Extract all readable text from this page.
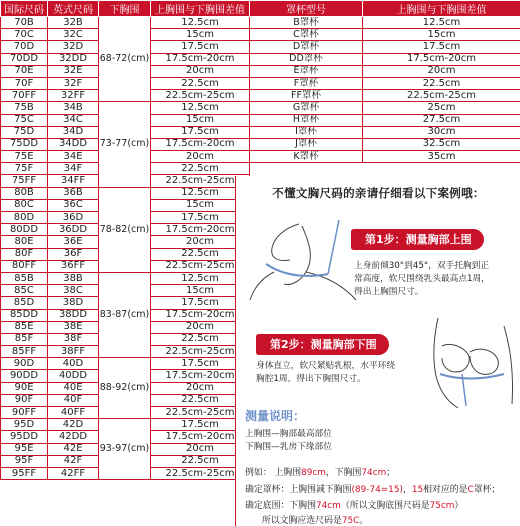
国际尺码	英式尺码	下胸围	上胸围与下胸围差值	罩杯型号	上胸围与下胸围差值
70B	32B	68-72(cm)	12.5cm	B罩杯	12.5cm
70C	32C		15cm	C罩杯	15cm
70D	32D		17.5cm	D罩杯	17.5cm
70DD	32DD		17.5cm-20cm	DD罩杯	17.5cm-20cm
70E	32E		20cm	E罩杯	20cm
70F	32F		22.5cm	F罩杯	22.5cm
70FF	32FF		22.5cm-25cm	FF罩杯	22.5cm-25cm
75B	34B	73-77(cm)	12.5cm	G罩杯	25cm
75C	34C		15cm	H罩杯	27.5cm
75D	34D		17.5cm	I罩杯	30cm
75DD	34DD		17.5cm-20cm	J罩杯	32.5cm
75E	34E		20cm	K罩杯	35cm
75F	34F		22.5cm		
75FF	34FF		22.5cm-25cm		
80B	36B	78-82(cm)	12.5cm		
80C	36C		15cm		
80D	36D		17.5cm		
80DD	36DD		17.5cm-20cm		
80E	36E		20cm		
80F	36F		22.5cm		
80FF	36FF		22.5cm-25cm		
85B	38B	83-87(cm)	12.5cm		
85C	38C		15cm		
85D	38D		17.5cm		
85DD	38DD		17.5cm-20cm		
85E	38E		20cm		
85F	38F		22.5cm		
85FF	38FF		22.5cm-25cm		
90D	40D	88-92(cm)	17.5cm		
90DD	40DD		17.5cm-20cm		
90E	40E		20cm		
90F	40F		22.5cm		
90FF	40FF		22.5cm-25cm		
95D	42D	93-97(cm)	17.5cm		
95DD	42DD		17.5cm-20cm		
95E	42E		20cm		
95F	42F		22.5cm		
95FF	42FF		22.5cm-25cm		
不懂文胸尺码的亲请仔细看以下案例哦：
第1步：测量胸部上围
上身前倾30°到45°，双手托胸到正
常高度，软尺围绕乳头最高点1周，
得出上胸围尺寸。
第2步：测量胸部下围
身体直立，软尺紧贴乳根，水平环绕
胸腔1周，得出下胸围尺寸。
测量说明：
上胸围—胸部最高部位
下胸围—乳房下缘部位
例如： 上胸围89cm，下胸围74cm；
确定罩杯：上胸围减下胸围(89-74=15)，15相对应的是C罩杯；
确定底围：下胸围74cm（所以文胸底围尺码是75cm）
所以文胸应选尺码是75C。
